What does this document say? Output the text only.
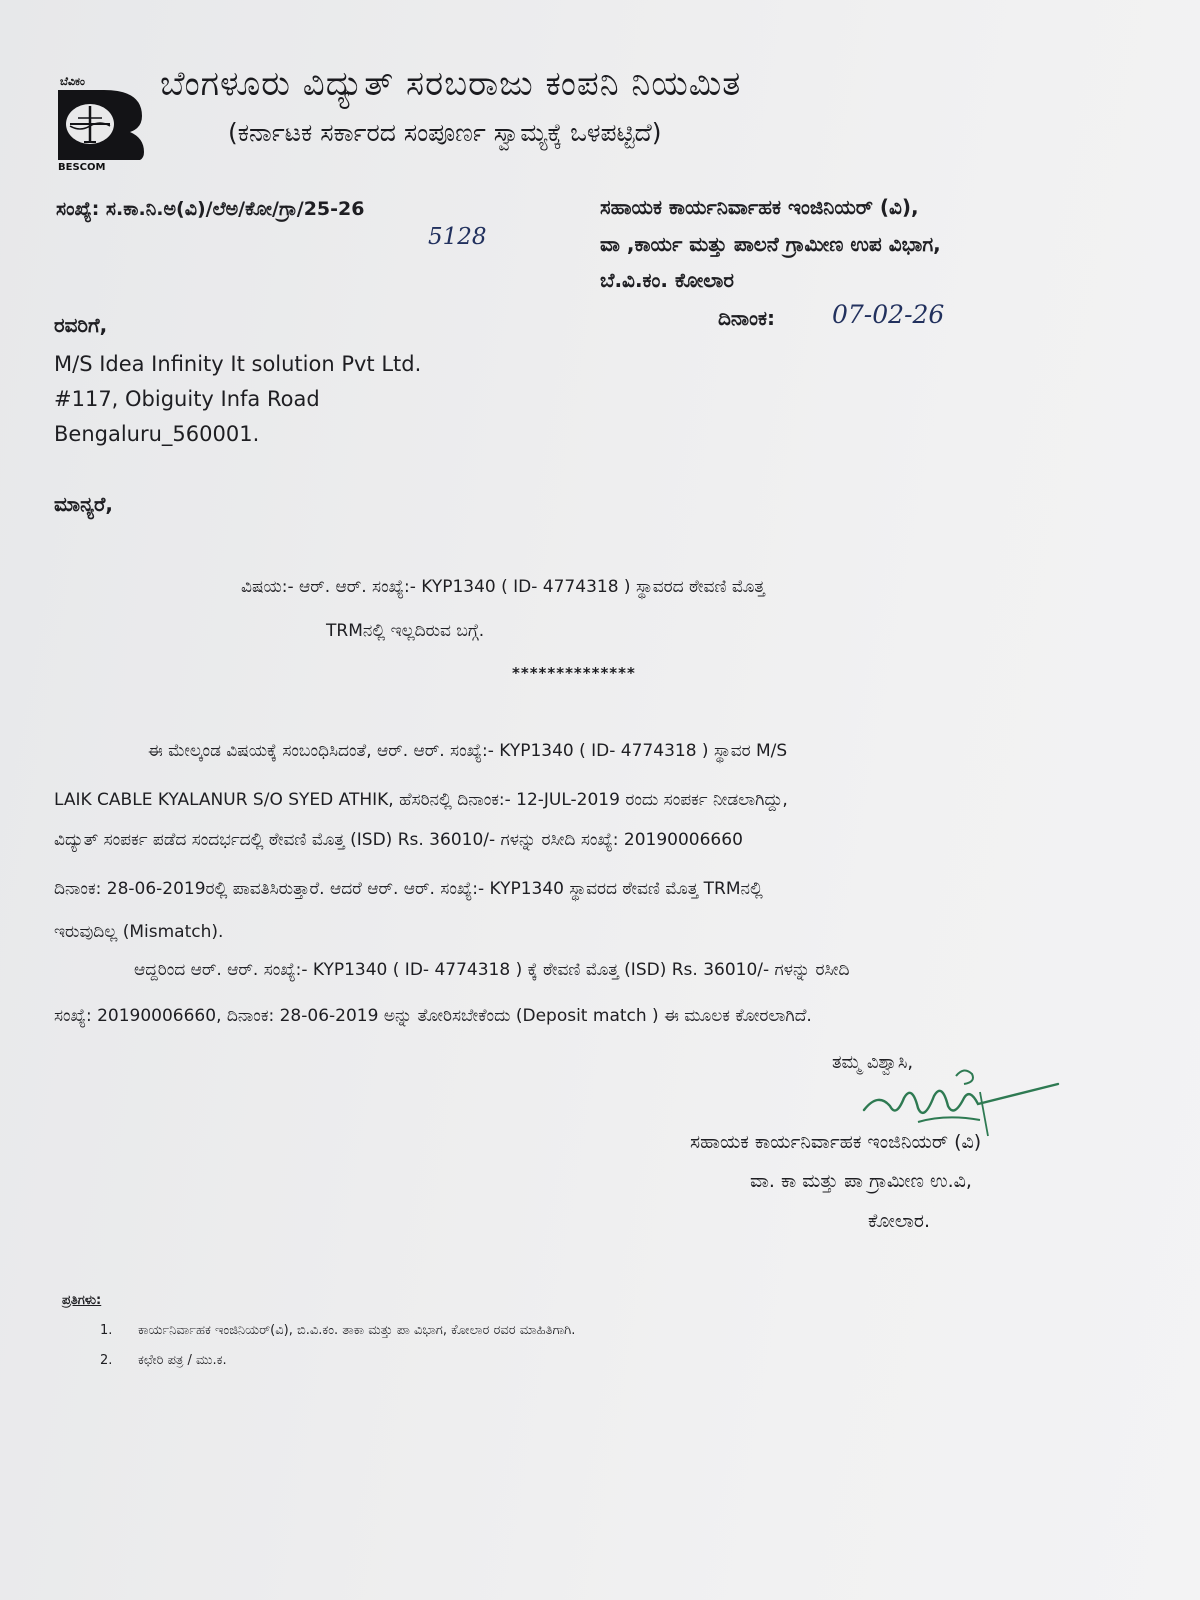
ಬೆವಿಕಂ
BESCOM
ಬೆಂಗಳೂರು ವಿದ್ಯುತ್ ಸರಬರಾಜು ಕಂಪನಿ ನಿಯಮಿತ
(ಕರ್ನಾಟಕ ಸರ್ಕಾರದ ಸಂಪೂರ್ಣ ಸ್ವಾಮ್ಯಕ್ಕೆ ಒಳಪಟ್ಟಿದೆ)
ಸಂಖ್ಯೆ: ಸ.ಕಾ.ನಿ.ಅ(ವಿ)/ಲೆಅ/ಕೋ/ಗ್ರಾ/25-26
5128
ಸಹಾಯಕ ಕಾರ್ಯನಿರ್ವಾಹಕ ಇಂಜಿನಿಯರ್ (ವಿ),
ವಾ ,ಕಾರ್ಯ ಮತ್ತು ಪಾಲನೆ ಗ್ರಾಮೀಣ ಉಪ ವಿಭಾಗ,
ಬೆ.ವಿ.ಕಂ. ಕೋಲಾರ
ದಿನಾಂಕ: 07-02-26
ರವರಿಗೆ,
M/S Idea Infinity It solution Pvt Ltd.
#117, Obiguity Infa Road
Bengaluru_560001.
ಮಾನ್ಯರೆ,
ವಿಷಯ:- ಆರ್. ಆರ್. ಸಂಖ್ಯೆ:- KYP1340 ( ID- 4774318 ) ಸ್ಥಾವರದ ಠೇವಣಿ ಮೊತ್ತ
TRMನಲ್ಲಿ ಇಲ್ಲದಿರುವ ಬಗ್ಗೆ.
**************
ಈ ಮೇಲ್ಕಂಡ ವಿಷಯಕ್ಕೆ ಸಂಬಂಧಿಸಿದಂತೆ, ಆರ್. ಆರ್. ಸಂಖ್ಯೆ:- KYP1340 ( ID- 4774318 ) ಸ್ಥಾವರ M/S
LAIK CABLE KYALANUR S/O SYED ATHIK, ಹೆಸರಿನಲ್ಲಿ ದಿನಾಂಕ:- 12-JUL-2019 ರಂದು ಸಂಪರ್ಕ ನೀಡಲಾಗಿದ್ದು,
ವಿದ್ಯುತ್ ಸಂಪರ್ಕ ಪಡೆದ ಸಂದರ್ಭದಲ್ಲಿ ಠೇವಣಿ ಮೊತ್ತ (ISD) Rs. 36010/- ಗಳನ್ನು ರಸೀದಿ ಸಂಖ್ಯೆ: 20190006660
ದಿನಾಂಕ: 28-06-2019ರಲ್ಲಿ ಪಾವತಿಸಿರುತ್ತಾರೆ. ಆದರೆ ಆರ್. ಆರ್. ಸಂಖ್ಯೆ:- KYP1340 ಸ್ಥಾವರದ ಠೇವಣಿ ಮೊತ್ತ TRMನಲ್ಲಿ
ಇರುವುದಿಲ್ಲ (Mismatch).
ಆದ್ದರಿಂದ ಆರ್. ಆರ್. ಸಂಖ್ಯೆ:- KYP1340 ( ID- 4774318 ) ಕ್ಕೆ ಠೇವಣಿ ಮೊತ್ತ (ISD) Rs. 36010/- ಗಳನ್ನು ರಸೀದಿ
ಸಂಖ್ಯೆ: 20190006660, ದಿನಾಂಕ: 28-06-2019 ಅನ್ನು ತೋರಿಸಬೇಕೆಂದು (Deposit match ) ಈ ಮೂಲಕ ಕೋರಲಾಗಿದೆ.
ತಮ್ಮ ವಿಶ್ವಾಸಿ,
ಸಹಾಯಕ ಕಾರ್ಯನಿರ್ವಾಹಕ ಇಂಜಿನಿಯರ್ (ವಿ)
ವಾ. ಕಾ ಮತ್ತು ಪಾ ಗ್ರಾಮೀಣ ಉ.ವಿ,
ಕೋಲಾರ.
ಪ್ರತಿಗಳು:
1. ಕಾರ್ಯನಿರ್ವಾಹಕ ಇಂಜಿನಿಯರ್(ವಿ), ಬಿ.ವಿ.ಕಂ. ತಾಕಾ ಮತ್ತು ಪಾ ವಿಭಾಗ, ಕೋಲಾರ ರವರ ಮಾಹಿತಿಗಾಗಿ.
2. ಕಛೇರಿ ಪತ್ರ / ಮು.ಕ.
